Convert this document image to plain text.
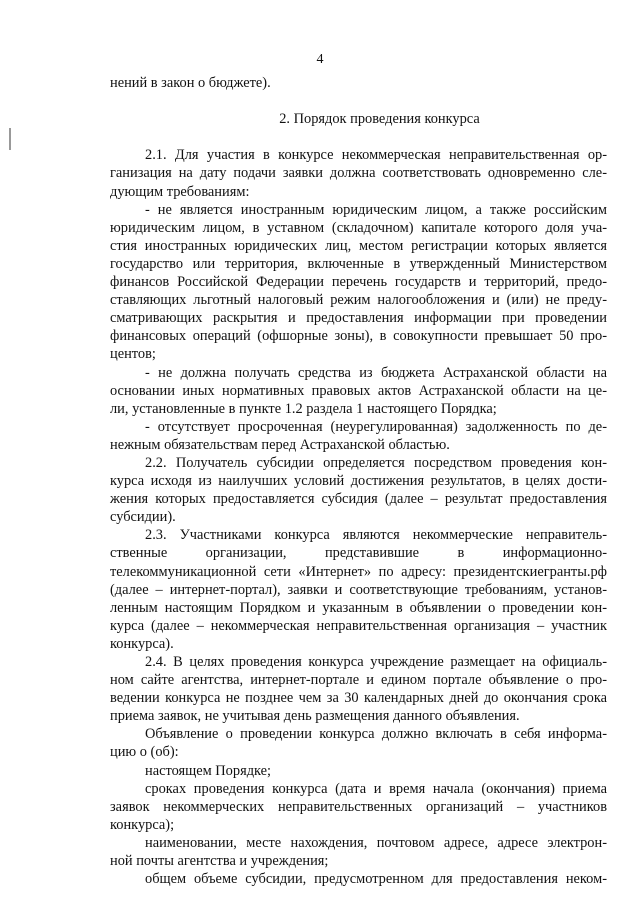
4
нений в закон о бюджете).
2. Порядок проведения конкурса
2.1. Для участия в конкурсе некоммерческая неправительственная ор-
ганизация на дату подачи заявки должна соответствовать одновременно сле-
дующим требованиям:
- не является иностранным юридическим лицом, а также российским
юридическим лицом, в уставном (складочном) капитале которого доля уча-
стия иностранных юридических лиц, местом регистрации которых является
государство или территория, включенные в утвержденный Министерством
финансов Российской Федерации перечень государств и территорий, предо-
ставляющих льготный налоговый режим налогообложения и (или) не преду-
сматривающих раскрытия и предоставления информации при проведении
финансовых операций (офшорные зоны), в совокупности превышает 50 про-
центов;
- не должна получать средства из бюджета Астраханской области на
основании иных нормативных правовых актов Астраханской области на це-
ли, установленные в пункте 1.2 раздела 1 настоящего Порядка;
- отсутствует просроченная (неурегулированная) задолженность по де-
нежным обязательствам перед Астраханской областью.
2.2. Получатель субсидии определяется посредством проведения кон-
курса исходя из наилучших условий достижения результатов, в целях дости-
жения которых предоставляется субсидия (далее – результат предоставления
субсидии).
2.3. Участниками конкурса являются некоммерческие неправитель-
ственные организации, представившие в информационно-
телекоммуникационной сети «Интернет» по адресу: президентскиегранты.рф
(далее – интернет-портал), заявки и соответствующие требованиям, установ-
ленным настоящим Порядком и указанным в объявлении о проведении кон-
курса (далее – некоммерческая неправительственная организация – участник
конкурса).
2.4. В целях проведения конкурса учреждение размещает на официаль-
ном сайте агентства, интернет-портале и едином портале объявление о про-
ведении конкурса не позднее чем за 30 календарных дней до окончания срока
приема заявок, не учитывая день размещения данного объявления.
Объявление о проведении конкурса должно включать в себя информа-
цию о (об):
настоящем Порядке;
сроках проведения конкурса (дата и время начала (окончания) приема
заявок некоммерческих неправительственных организаций – участников
конкурса);
наименовании, месте нахождения, почтовом адресе, адресе электрон-
ной почты агентства и учреждения;
общем объеме субсидии, предусмотренном для предоставления неком-
